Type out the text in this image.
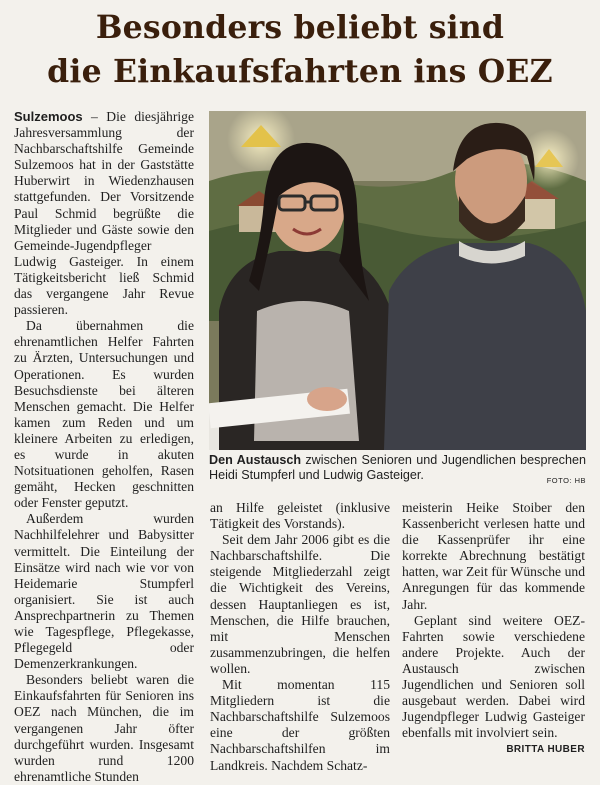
Besonders beliebt sind
die Einkaufsfahrten ins OEZ

Sulzemoos – Die diesjährige Jahresversammlung der Nachbarschaftshilfe Gemeinde Sulzemoos hat in der Gaststätte Huberwirt in Wiedenzhausen stattgefunden. Der Vorsitzende Paul Schmid begrüßte die Mitglieder und Gäste sowie den Gemeinde-Jugendpfleger Ludwig Gasteiger. In einem Tätigkeitsbericht ließ Schmid das vergangene Jahr Revue passieren.

Da übernahmen die ehrenamtlichen Helfer Fahrten zu Ärzten, Untersuchungen und Operationen. Es wurden Besuchsdienste bei älteren Menschen gemacht. Die Helfer kamen zum Reden und um kleinere Arbeiten zu erledigen, es wurde in akuten Notsituationen geholfen, Rasen gemäht, Hecken geschnitten oder Fenster geputzt.

Außerdem wurden Nachhilfelehrer und Babysitter vermittelt. Die Einteilung der Einsätze wird nach wie vor von Heidemarie Stumpferl organisiert. Sie ist auch Ansprechpartnerin zu Themen wie Tagespflege, Pflegekasse, Pflegegeld oder Demenzerkrankungen.

Besonders beliebt waren die Einkaufsfahrten für Senioren ins OEZ nach München, die im vergangenen Jahr öfter durchgeführt wurden. Insgesamt wurden rund 1200 ehrenamtliche Stunden

Den Austausch zwischen Senioren und Jugendlichen besprechen Heidi Stumpferl und Ludwig Gasteiger.	FOTO: HB

an Hilfe geleistet (inklusive Tätigkeit des Vorstands).

Seit dem Jahr 2006 gibt es die Nachbarschaftshilfe. Die steigende Mitgliederzahl zeigt die Wichtigkeit des Vereins, dessen Hauptanliegen es ist, Menschen, die Hilfe brauchen, mit Menschen zusammenzubringen, die helfen wollen.

Mit momentan 115 Mitgliedern ist die Nachbarschaftshilfe Sulzemoos eine der größten Nachbarschaftshilfen im Landkreis. Nachdem Schatz-

meisterin Heike Stoiber den Kassenbericht verlesen hatte und die Kassenprüfer ihr eine korrekte Abrechnung bestätigt hatten, war Zeit für Wünsche und Anregungen für das kommende Jahr.

Geplant sind weitere OEZ-Fahrten sowie verschiedene andere Projekte. Auch der Austausch zwischen Jugendlichen und Senioren soll ausgebaut werden. Dabei wird Jugendpfleger Ludwig Gasteiger ebenfalls mit involviert sein.
BRITTA HUBER
